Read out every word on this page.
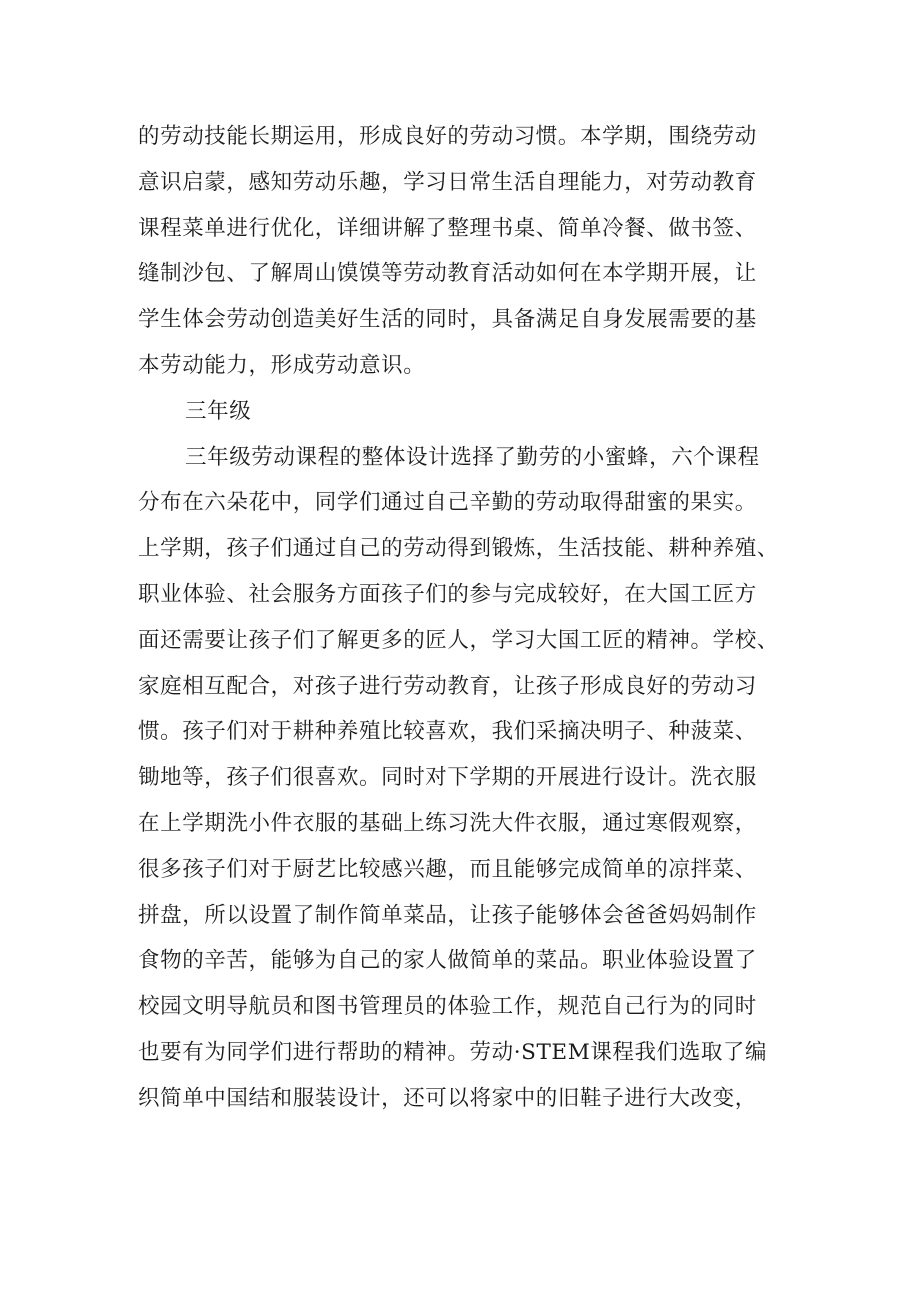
的劳动技能长期运用，形成良好的劳动习惯。本学期，围绕劳动
意识启蒙，感知劳动乐趣，学习日常生活自理能力，对劳动教育
课程菜单进行优化，详细讲解了整理书桌、简单冷餐、做书签、
缝制沙包、了解周山馍馍等劳动教育活动如何在本学期开展，让
学生体会劳动创造美好生活的同时，具备满足自身发展需要的基
本劳动能力，形成劳动意识。
三年级
三年级劳动课程的整体设计选择了勤劳的小蜜蜂，六个课程
分布在六朵花中，同学们通过自己辛勤的劳动取得甜蜜的果实。
上学期，孩子们通过自己的劳动得到锻炼，生活技能、耕种养殖、
职业体验、社会服务方面孩子们的参与完成较好，在大国工匠方
面还需要让孩子们了解更多的匠人，学习大国工匠的精神。学校、
家庭相互配合，对孩子进行劳动教育，让孩子形成良好的劳动习
惯。孩子们对于耕种养殖比较喜欢，我们采摘决明子、种菠菜、
锄地等，孩子们很喜欢。同时对下学期的开展进行设计。洗衣服
在上学期洗小件衣服的基础上练习洗大件衣服，通过寒假观察，
很多孩子们对于厨艺比较感兴趣，而且能够完成简单的凉拌菜、
拼盘，所以设置了制作简单菜品，让孩子能够体会爸爸妈妈制作
食物的辛苦，能够为自己的家人做简单的菜品。职业体验设置了
校园文明导航员和图书管理员的体验工作，规范自己行为的同时
也要有为同学们进行帮助的精神。劳动·STEM课程我们选取了编
织简单中国结和服装设计，还可以将家中的旧鞋子进行大改变，
